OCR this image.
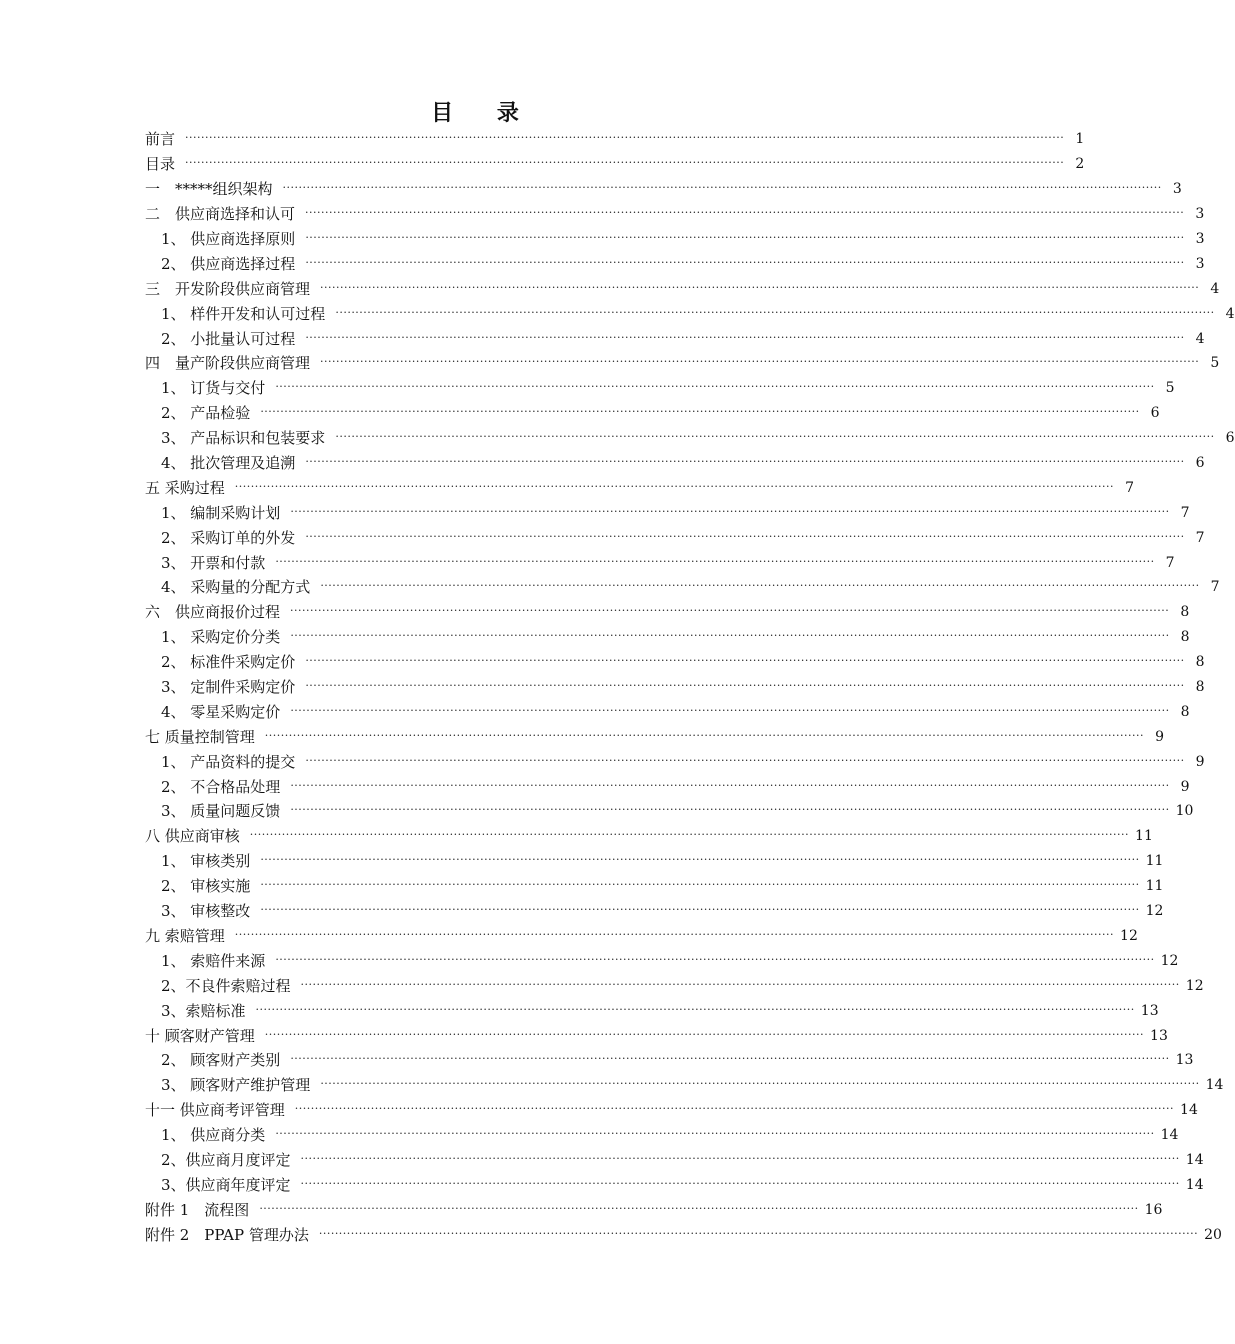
目 录
前言 ···························································································································································································································· 1
目录 ···························································································································································································································· 2
一　*****组织架构 ···························································································································································································································· 3
二　供应商选择和认可 ···························································································································································································································· 3
1、 供应商选择原则 ···························································································································································································································· 3
2、 供应商选择过程 ···························································································································································································································· 3
三　开发阶段供应商管理 ···························································································································································································································· 4
1、 样件开发和认可过程 ···························································································································································································································· 4
2、 小批量认可过程 ···························································································································································································································· 4
四　量产阶段供应商管理 ···························································································································································································································· 5
1、 订货与交付 ···························································································································································································································· 5
2、 产品检验 ···························································································································································································································· 6
3、 产品标识和包装要求 ···························································································································································································································· 6
4、 批次管理及追溯 ···························································································································································································································· 6
五 采购过程 ···························································································································································································································· 7
1、 编制采购计划 ···························································································································································································································· 7
2、 采购订单的外发 ···························································································································································································································· 7
3、 开票和付款 ···························································································································································································································· 7
4、 采购量的分配方式 ···························································································································································································································· 7
六　供应商报价过程 ···························································································································································································································· 8
1、 采购定价分类 ···························································································································································································································· 8
2、 标准件采购定价 ···························································································································································································································· 8
3、 定制件采购定价 ···························································································································································································································· 8
4、 零星采购定价 ···························································································································································································································· 8
七 质量控制管理 ···························································································································································································································· 9
1、 产品资料的提交 ···························································································································································································································· 9
2、 不合格品处理 ···························································································································································································································· 9
3、 质量问题反馈 ···························································································································································································································· 10
八 供应商审核 ···························································································································································································································· 11
1、 审核类别 ···························································································································································································································· 11
2、 审核实施 ···························································································································································································································· 11
3、 审核整改 ···························································································································································································································· 12
九 索赔管理 ···························································································································································································································· 12
1、 索赔件来源 ···························································································································································································································· 12
2、不良件索赔过程 ···························································································································································································································· 12
3、索赔标准 ···························································································································································································································· 13
十 顾客财产管理 ···························································································································································································································· 13
2、 顾客财产类别 ···························································································································································································································· 13
3、 顾客财产维护管理 ···························································································································································································································· 14
十一 供应商考评管理 ···························································································································································································································· 14
1、 供应商分类 ···························································································································································································································· 14
2、供应商月度评定 ···························································································································································································································· 14
3、供应商年度评定 ···························································································································································································································· 14
附件 1　流程图 ···························································································································································································································· 16
附件 2　PPAP 管理办法 ···························································································································································································································· 20
